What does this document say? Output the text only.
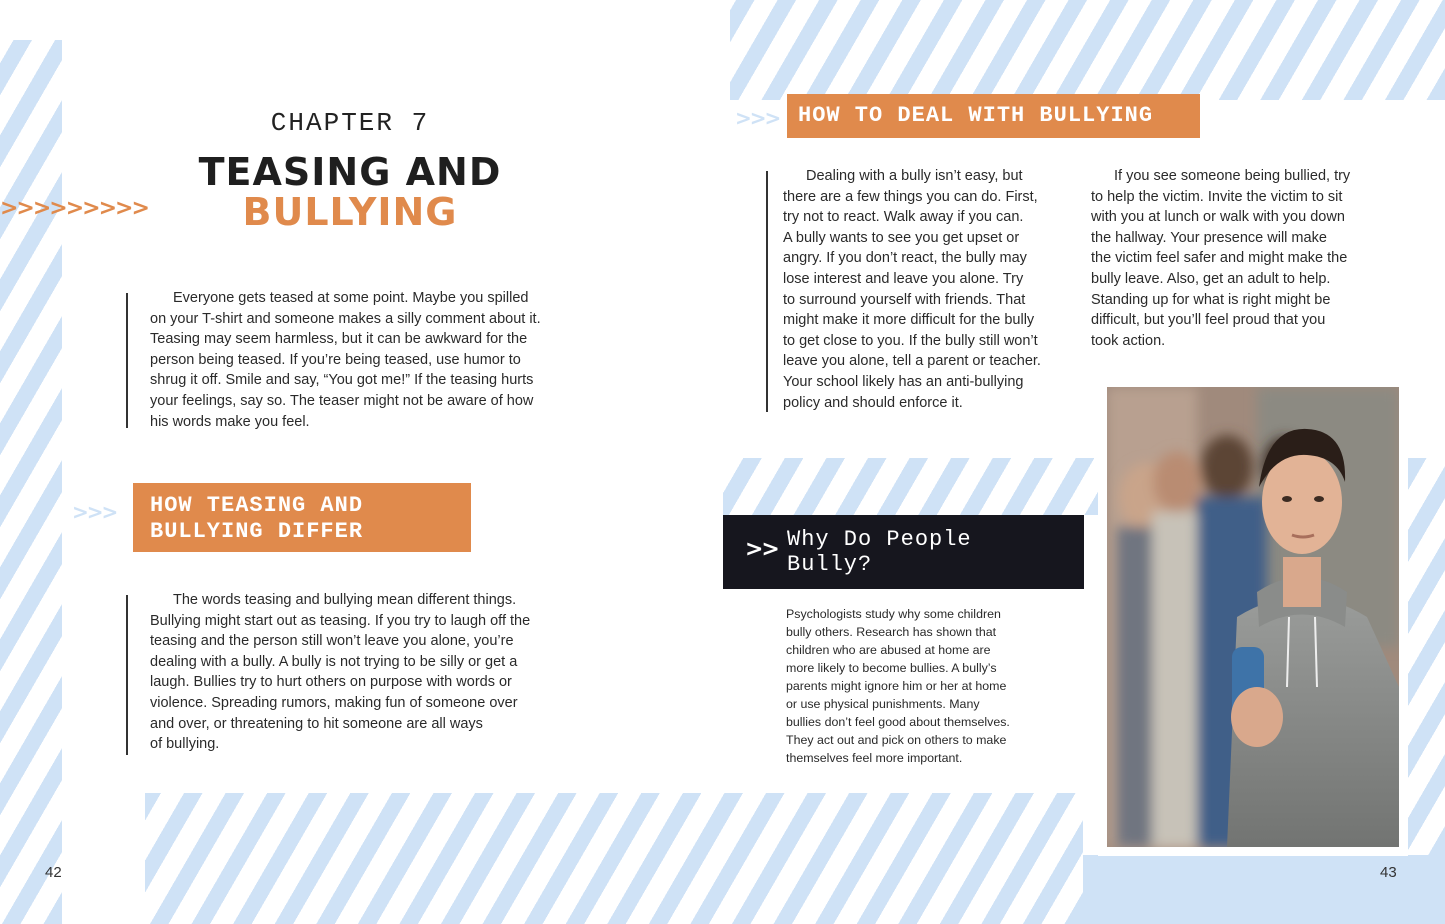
>>>>>>>>>
CHAPTER 7
TEASING AND
BULLYING
Everyone gets teased at some point. Maybe you spilled
on your T-shirt and someone makes a silly comment about it.
Teasing may seem harmless, but it can be awkward for the
person being teased. If you’re being teased, use humor to
shrug it off. Smile and say, “You got me!” If the teasing hurts
your feelings, say so. The teaser might not be aware of how
his words make you feel.
>>> HOW TEASING AND
BULLYING DIFFER
The words teasing and bullying mean different things.
Bullying might start out as teasing. If you try to laugh off the
teasing and the person still won’t leave you alone, you’re
dealing with a bully. A bully is not trying to be silly or get a
laugh. Bullies try to hurt others on purpose with words or
violence. Spreading rumors, making fun of someone over
and over, or threatening to hit someone are all ways
of bullying.
42
>>> HOW TO DEAL WITH BULLYING
Dealing with a bully isn’t easy, but
there are a few things you can do. First,
try not to react. Walk away if you can.
A bully wants to see you get upset or
angry. If you don’t react, the bully may
lose interest and leave you alone. Try
to surround yourself with friends. That
might make it more difficult for the bully
to get close to you. If the bully still won’t
leave you alone, tell a parent or teacher.
Your school likely has an anti-bullying
policy and should enforce it.
If you see someone being bullied, try
to help the victim. Invite the victim to sit
with you at lunch or walk with you down
the hallway. Your presence will make
the victim feel safer and might make the
bully leave. Also, get an adult to help.
Standing up for what is right might be
difficult, but you’ll feel proud that you
took action.
>> Why Do People
Bully?
Psychologists study why some children
bully others. Research has shown that
children who are abused at home are
more likely to become bullies. A bully’s
parents might ignore him or her at home
or use physical punishments. Many
bullies don’t feel good about themselves.
They act out and pick on others to make
themselves feel more important.
43
